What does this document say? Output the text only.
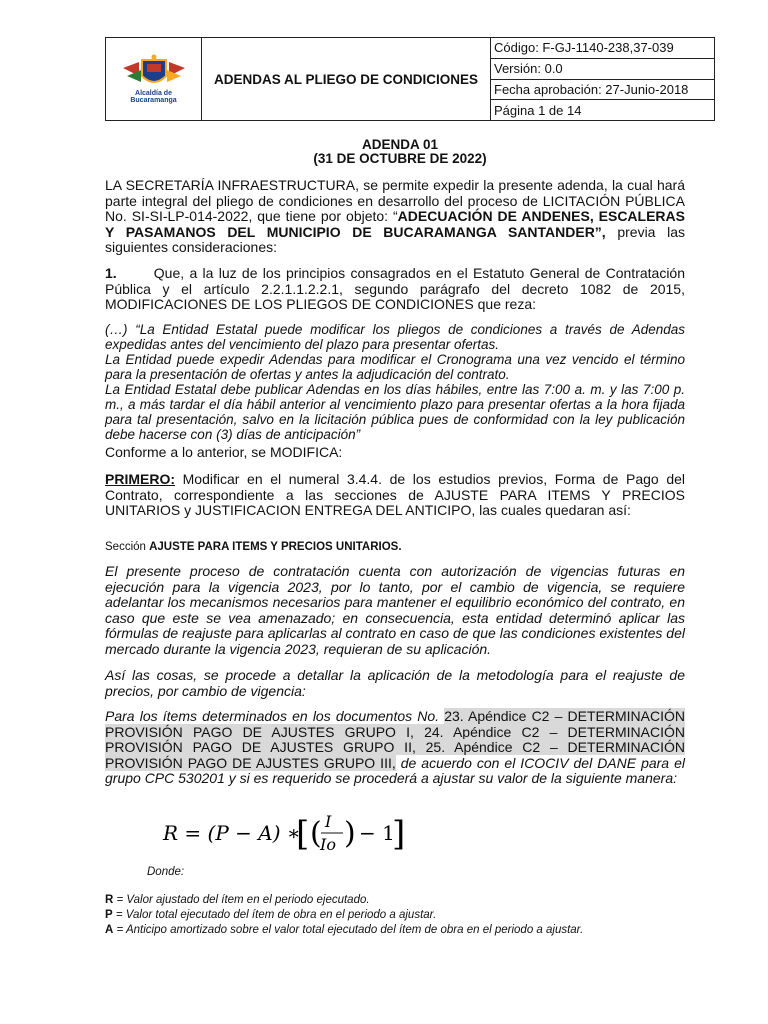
Alcaldía de
Bucaramanga
ADENDAS AL PLIEGO DE CONDICIONES
Código: F-GJ-1140-238,37-039
Versión: 0.0
Fecha aprobación: 27-Junio-2018
Página 1 de 14
ADENDA 01
(31 DE OCTUBRE DE 2022)
LA SECRETARÍA INFRAESTRUCTURA, se permite expedir la presente adenda, la cual hará parte integral del pliego de condiciones en desarrollo del proceso de LICITACIÓN PÚBLICA No. SI-SI-LP-014-2022, que tiene por objeto: “ADECUACIÓN DE ANDENES, ESCALERAS Y PASAMANOS DEL MUNICIPIO DE BUCARAMANGA SANTANDER”, previa las siguientes consideraciones:
1.	Que, a la luz de los principios consagrados en el Estatuto General de Contratación Pública y el artículo 2.2.1.1.2.2.1, segundo parágrafo del decreto 1082 de 2015, MODIFICACIONES DE LOS PLIEGOS DE CONDICIONES que reza:
(…) “La Entidad Estatal puede modificar los pliegos de condiciones a través de Adendas expedidas antes del vencimiento del plazo para presentar ofertas.
La Entidad puede expedir Adendas para modificar el Cronograma una vez vencido el término para la presentación de ofertas y antes la adjudicación del contrato.
La Entidad Estatal debe publicar Adendas en los días hábiles, entre las 7:00 a. m. y las 7:00 p. m., a más tardar el día hábil anterior al vencimiento plazo para presentar ofertas a la hora fijada para tal presentación, salvo en la licitación pública pues de conformidad con la ley publicación debe hacerse con (3) días de anticipación”
Conforme a lo anterior, se MODIFICA:
PRIMERO: Modificar en el numeral 3.4.4. de los estudios previos, Forma de Pago del Contrato, correspondiente a las secciones de AJUSTE PARA ITEMS Y PRECIOS UNITARIOS y JUSTIFICACION ENTREGA DEL ANTICIPO, las cuales quedaran así:
Sección AJUSTE PARA ITEMS Y PRECIOS UNITARIOS.
El presente proceso de contratación cuenta con autorización de vigencias futuras en ejecución para la vigencia 2023, por lo tanto, por el cambio de vigencia, se requiere adelantar los mecanismos necesarios para mantener el equilibrio económico del contrato, en caso que este se vea amenazado; en consecuencia, esta entidad determinó aplicar las fórmulas de reajuste para aplicarlas al contrato en caso de que las condiciones existentes del mercado durante la vigencia 2023, requieran de su aplicación.
Así las cosas, se procede a detallar la aplicación de la metodología para el reajuste de precios, por cambio de vigencia:
Para los ítems determinados en los documentos No. 23. Apéndice C2 – DETERMINACIÓN PROVISIÓN PAGO DE AJUSTES GRUPO I, 24. Apéndice C2 – DETERMINACIÓN PROVISIÓN PAGO DE AJUSTES GRUPO II, 25. Apéndice C2 – DETERMINACIÓN PROVISIÓN PAGO DE AJUSTES GRUPO III, de acuerdo con el ICOCIV del DANE para el grupo CPC 530201 y si es requerido se procederá a ajustar su valor de la siguiente manera:
R = (P − A) ∗
[ ( I
Io ) − 1
]
Donde:
R = Valor ajustado del ítem en el periodo ejecutado.
P = Valor total ejecutado del ítem de obra en el periodo a ajustar.
A = Anticipo amortizado sobre el valor total ejecutado del ítem de obra en el periodo a ajustar.
